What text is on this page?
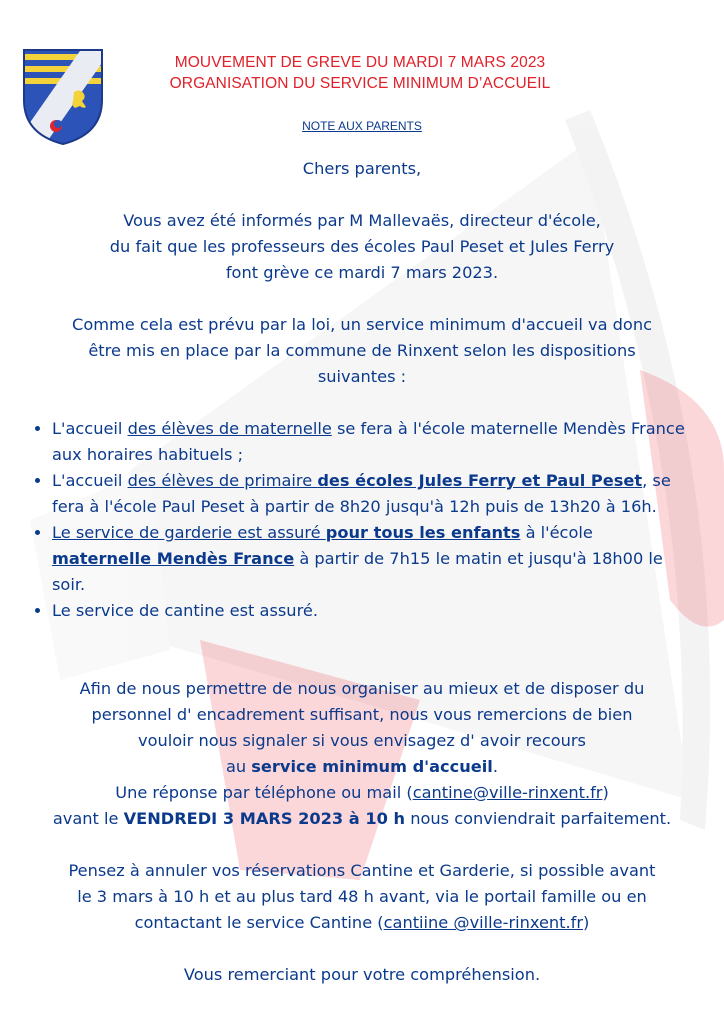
MOUVEMENT DE GREVE DU MARDI 7 MARS 2023
ORGANISATION DU SERVICE MINIMUM D’ACCUEIL
NOTE AUX PARENTS

Chers parents,

Vous avez été informés par M Mallevaës, directeur d'école,
du fait que les professeurs des écoles Paul Peset et Jules Ferry
font grève ce mardi 7 mars 2023.
Comme cela est prévu par la loi, un service minimum d'accueil va donc
être mis en place par la commune de Rinxent selon les dispositions
suivantes :
• L'accueil des élèves de maternelle se fera à l'école maternelle Mendès France aux horaires habituels ;
• L'accueil des élèves de primaire des écoles Jules Ferry et Paul Peset, se fera à l'école Paul Peset à partir de 8h20 jusqu'à 12h puis de 13h20 à 16h.
• Le service de garderie est assuré pour tous les enfants à l'école maternelle Mendès France à partir de 7h15 le matin et jusqu'à 18h00 le soir.
• Le service de cantine est assuré.
Afin de nous permettre de nous organiser au mieux et de disposer du
personnel d' encadrement suffisant, nous vous remercions de bien
vouloir nous signaler si vous envisagez d' avoir recours
au service minimum d'accueil.
Une réponse par téléphone ou mail (cantine@ville-rinxent.fr)
avant le VENDREDI 3 MARS 2023 à 10 h nous conviendrait parfaitement.
Pensez à annuler vos réservations Cantine et Garderie, si possible avant
le 3 mars à 10 h et au plus tard 48 h avant, via le portail famille ou en
contactant le service Cantine (cantiine @ville-rinxent.fr)

Vous remerciant pour votre compréhension.
